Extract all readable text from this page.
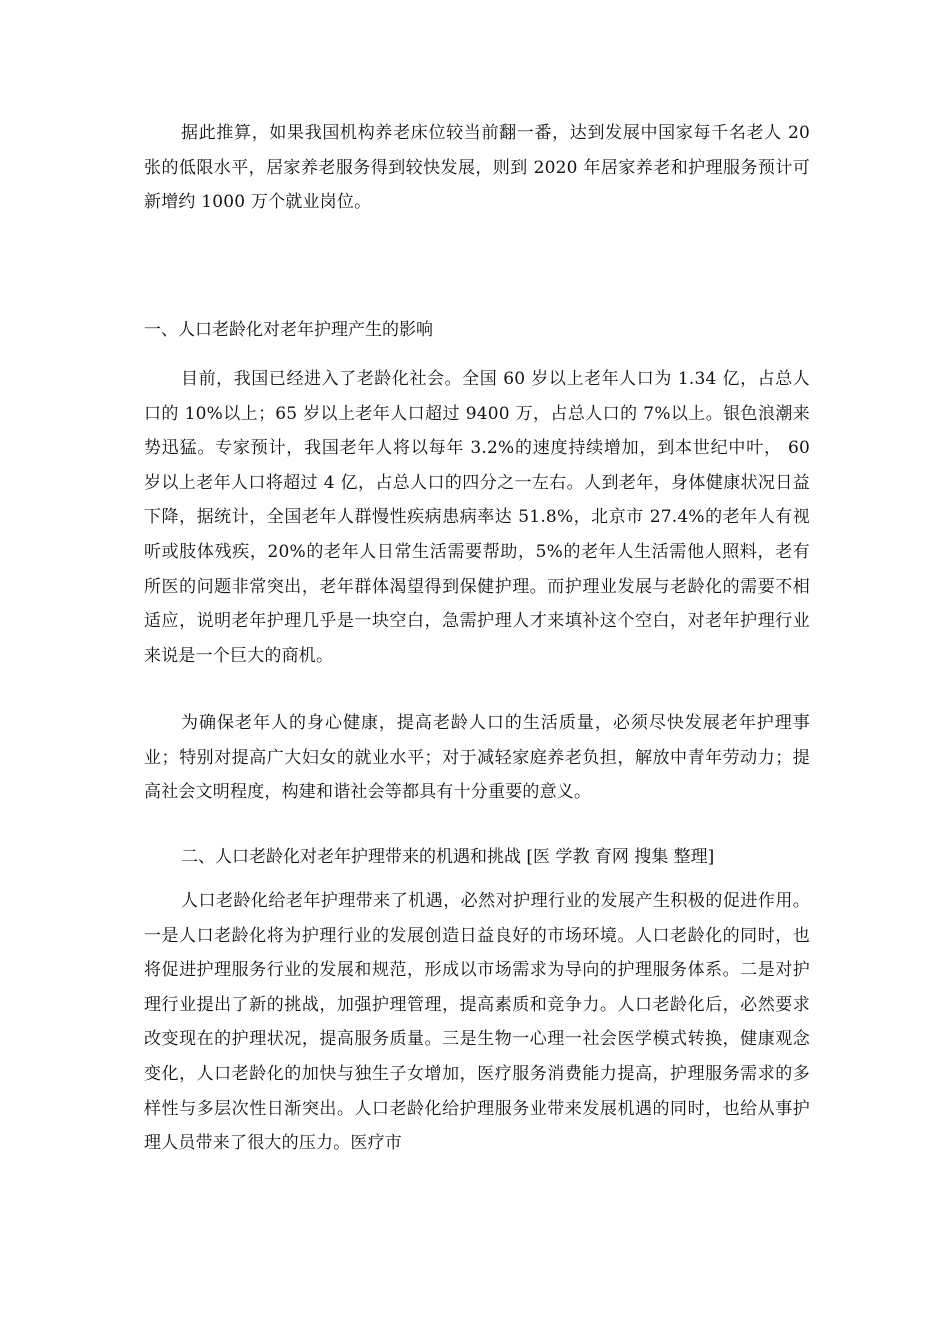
据此推算，如果我国机构养老床位较当前翻一番，达到发展中国家每千名老人 20 张的低限水平，居家养老服务得到较快发展，则到 2020 年居家养老和护理服务预计可新增约 1000 万个就业岗位。

一、人口老龄化对老年护理产生的影响

目前，我国已经进入了老龄化社会。全国 60 岁以上老年人口为 1.34 亿，占总人口的 10%以上；65 岁以上老年人口超过 9400 万，占总人口的 7%以上。银色浪潮来势迅猛。专家预计，我国老年人将以每年 3.2%的速度持续增加，到本世纪中叶， 60 岁以上老年人口将超过 4 亿，占总人口的四分之一左右。人到老年，身体健康状况日益下降，据统计，全国老年人群慢性疾病患病率达 51.8%，北京市 27.4%的老年人有视听或肢体残疾，20%的老年人日常生活需要帮助，5%的老年人生活需他人照料，老有所医的问题非常突出，老年群体渴望得到保健护理。而护理业发展与老龄化的需要不相适应，说明老年护理几乎是一块空白，急需护理人才来填补这个空白，对老年护理行业来说是一个巨大的商机。

为确保老年人的身心健康，提高老龄人口的生活质量，必须尽快发展老年护理事业；特别对提高广大妇女的就业水平；对于减轻家庭养老负担，解放中青年劳动力；提高社会文明程度，构建和谐社会等都具有十分重要的意义。

二、人口老龄化对老年护理带来的机遇和挑战 [医 学教 育网 搜集 整理]

人口老龄化给老年护理带来了机遇，必然对护理行业的发展产生积极的促进作用。一是人口老龄化将为护理行业的发展创造日益良好的市场环境。人口老龄化的同时，也将促进护理服务行业的发展和规范，形成以市场需求为导向的护理服务体系。二是对护理行业提出了新的挑战，加强护理管理，提高素质和竞争力。人口老龄化后，必然要求改变现在的护理状况，提高服务质量。三是生物一心理一社会医学模式转换，健康观念变化，人口老龄化的加快与独生子女增加，医疗服务消费能力提高，护理服务需求的多样性与多层次性日渐突出。人口老龄化给护理服务业带来发展机遇的同时，也给从事护理人员带来了很大的压力。医疗市
